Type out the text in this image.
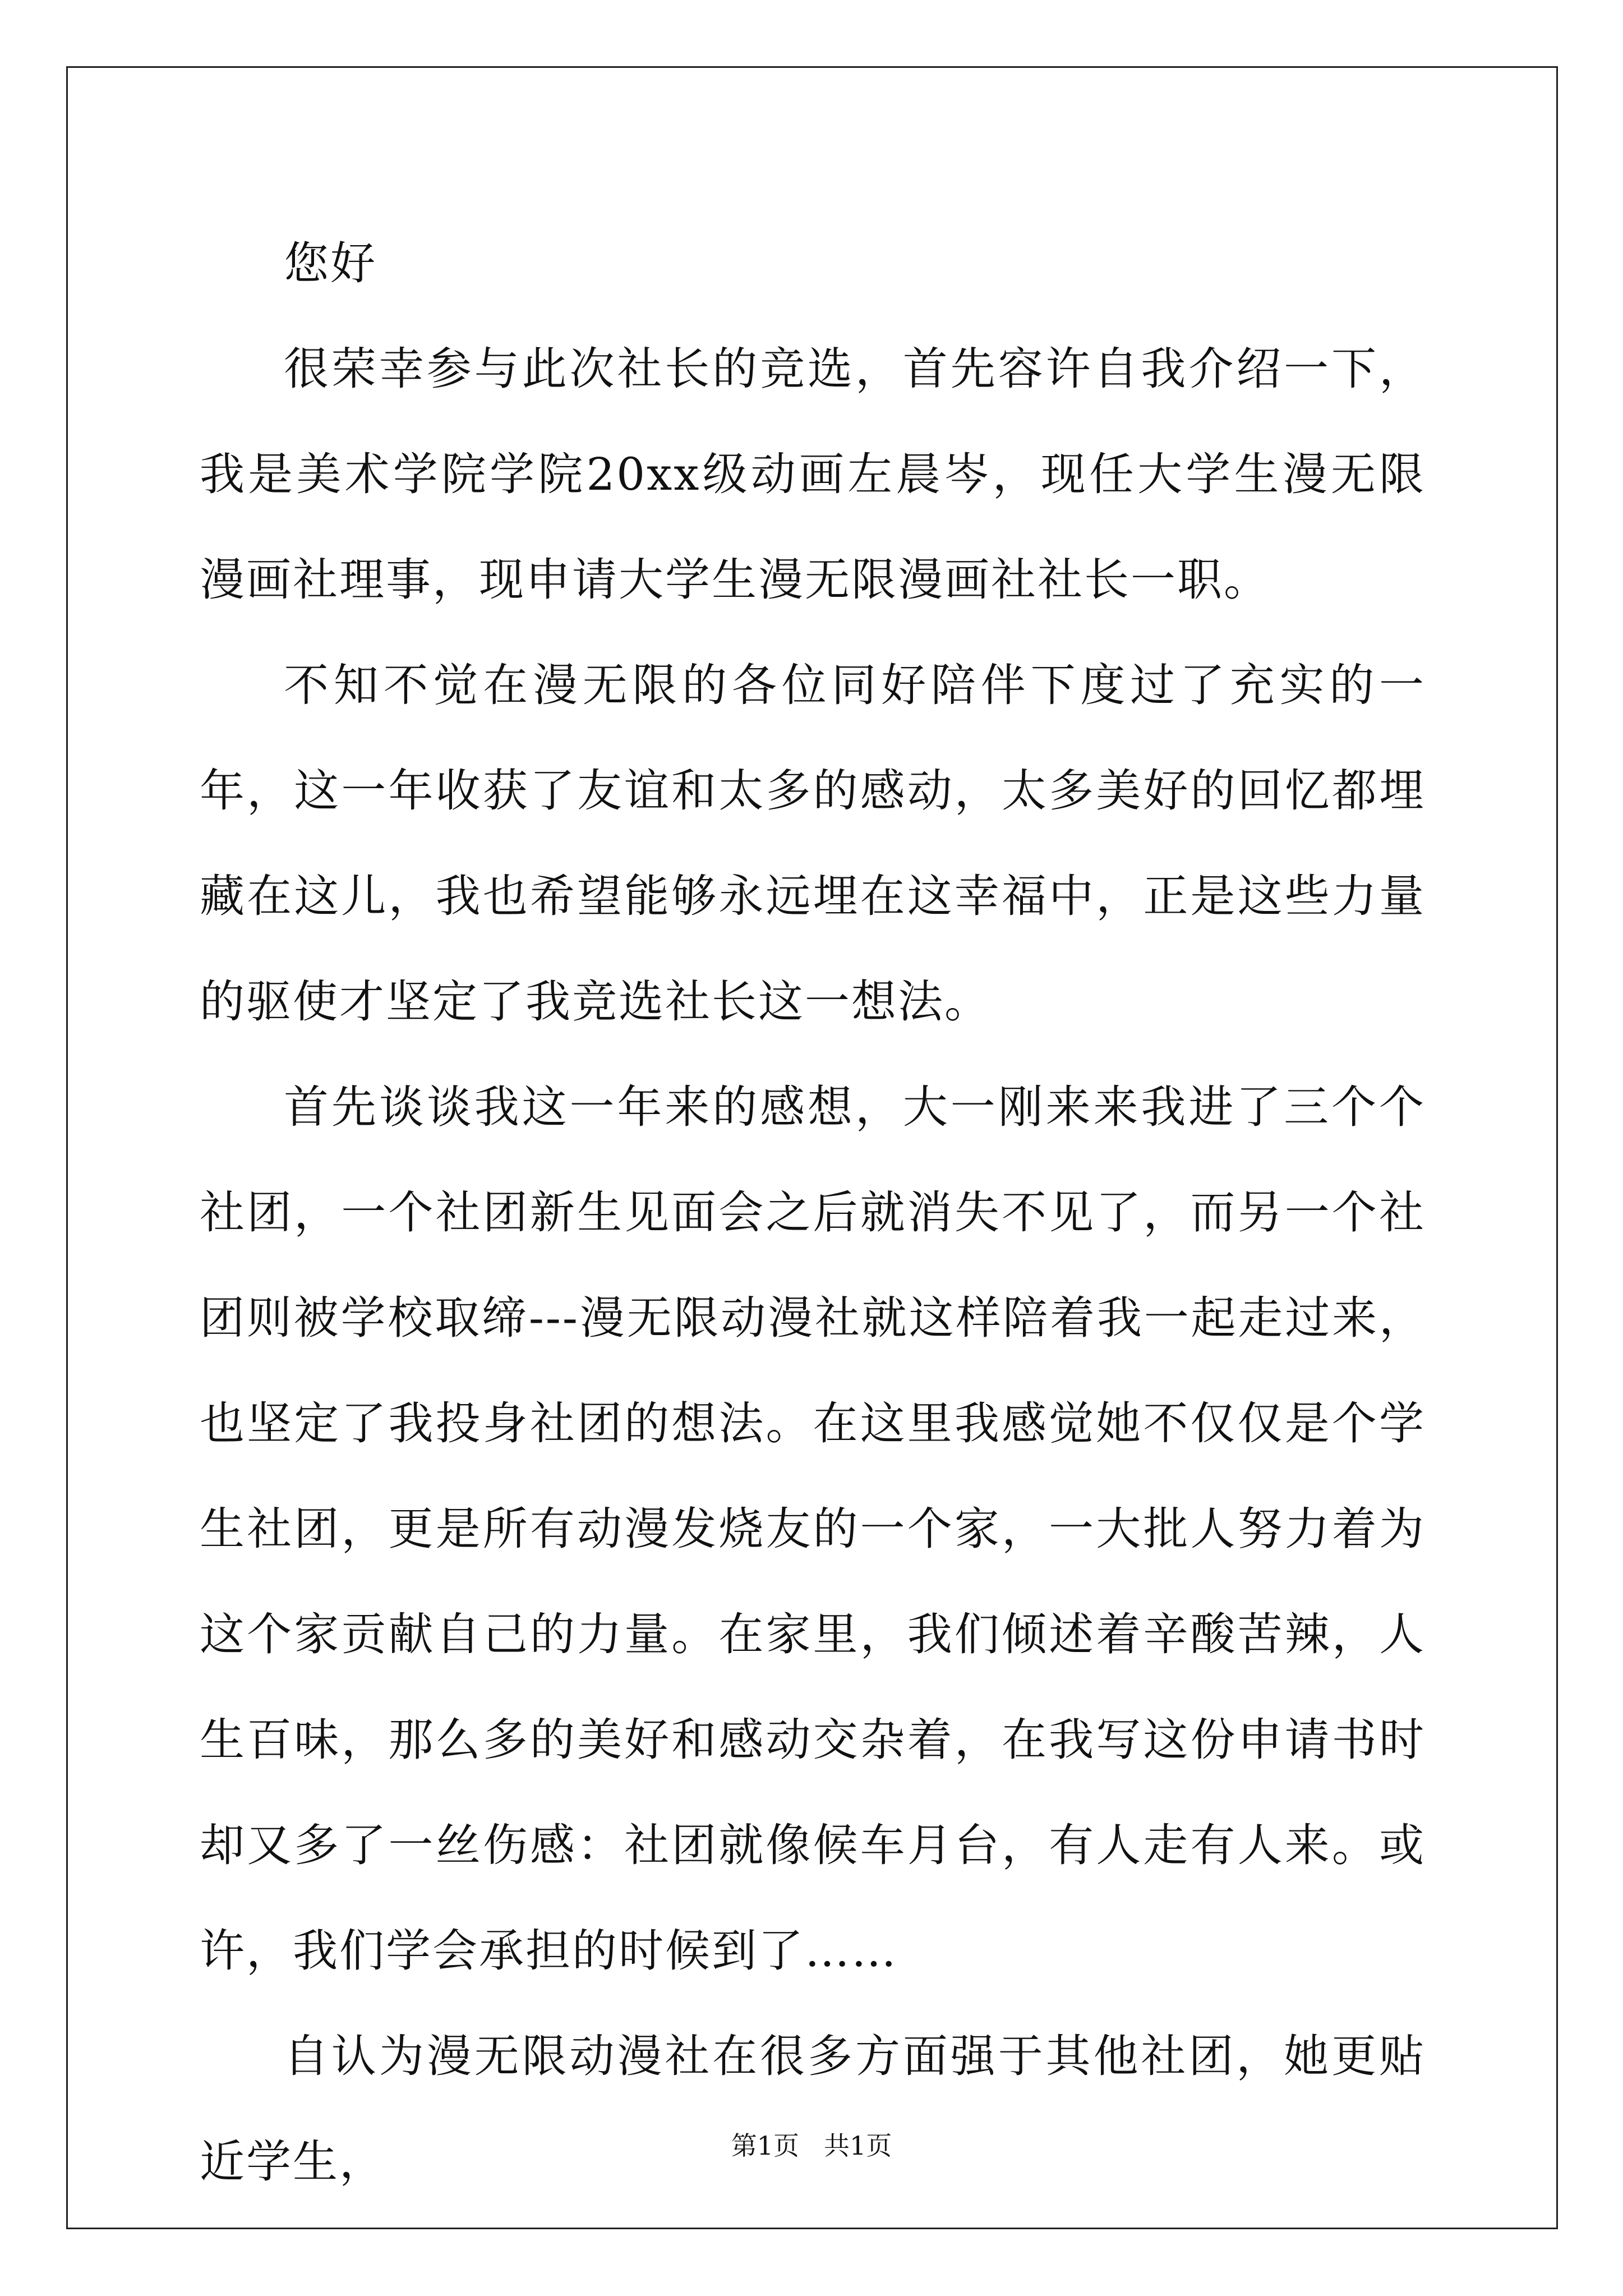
您好

很荣幸参与此次社长的竞选，首先容许自我介绍一下，我是美术学院学院20xx级动画左晨岑，现任大学生漫无限漫画社理事，现申请大学生漫无限漫画社社长一职。

不知不觉在漫无限的各位同好陪伴下度过了充实的一年，这一年收获了友谊和太多的感动，太多美好的回忆都埋藏在这儿，我也希望能够永远埋在这幸福中，正是这些力量的驱使才坚定了我竞选社长这一想法。

首先谈谈我这一年来的感想，大一刚来来我进了三个个社团，一个社团新生见面会之后就消失不见了，而另一个社团则被学校取缔---漫无限动漫社就这样陪着我一起走过来，也坚定了我投身社团的想法。在这里我感觉她不仅仅是个学生社团，更是所有动漫发烧友的一个家，一大批人努力着为这个家贡献自己的力量。在家里，我们倾述着辛酸苦辣，人生百味，那么多的美好和感动交杂着，在我写这份申请书时却又多了一丝伤感：社团就像候车月台，有人走有人来。或许，我们学会承担的时候到了……

自认为漫无限动漫社在很多方面强于其他社团，她更贴近学生，	第1页 共1页
